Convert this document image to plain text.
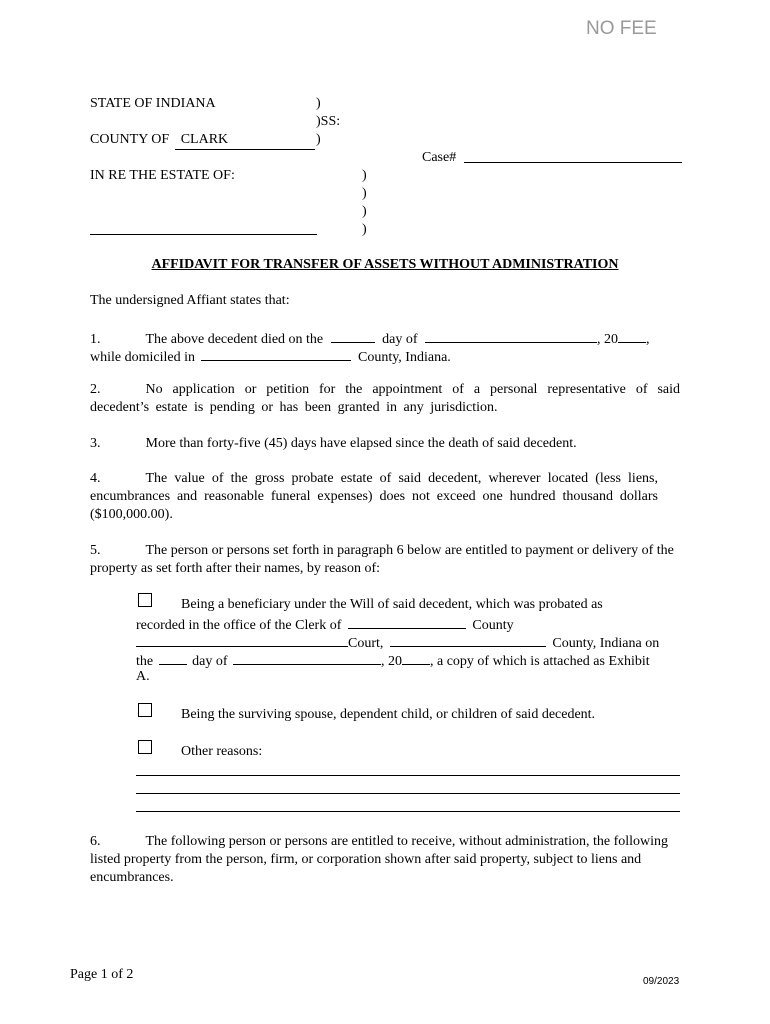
NO FEE
STATE OF INDIANA	)
)SS:
COUNTY OF CLARK	)
Case#
IN RE THE ESTATE OF:	)
)
)
)
AFFIDAVIT FOR TRANSFER OF ASSETS WITHOUT ADMINISTRATION
The undersigned Affiant states that:
1.	The above decedent died on the	day of	, 20 ,
while domiciled in	County, Indiana.
2.	No application or petition for the appointment of a personal representative of said decedent’s estate is pending or has been granted in any jurisdiction.
3.	More than forty-five (45) days have elapsed since the death of said decedent.
4.	The value of the gross probate estate of said decedent, wherever located (less liens, encumbrances and reasonable funeral expenses) does not exceed one hundred thousand dollars ($100,000.00).
5.	The person or persons set forth in paragraph 6 below are entitled to payment or delivery of the property as set forth after their names, by reason of:
Being a beneficiary under the Will of said decedent, which was probated as
recorded in the office of the Clerk of	County
Court,	County, Indiana on
the	day of	, 20 , a copy of which is attached as Exhibit
A.
Being the surviving spouse, dependent child, or children of said decedent.
Other reasons:
6.	The following person or persons are entitled to receive, without administration, the following listed property from the person, firm, or corporation shown after said property, subject to liens and encumbrances.
Page 1 of 2	09/2023
